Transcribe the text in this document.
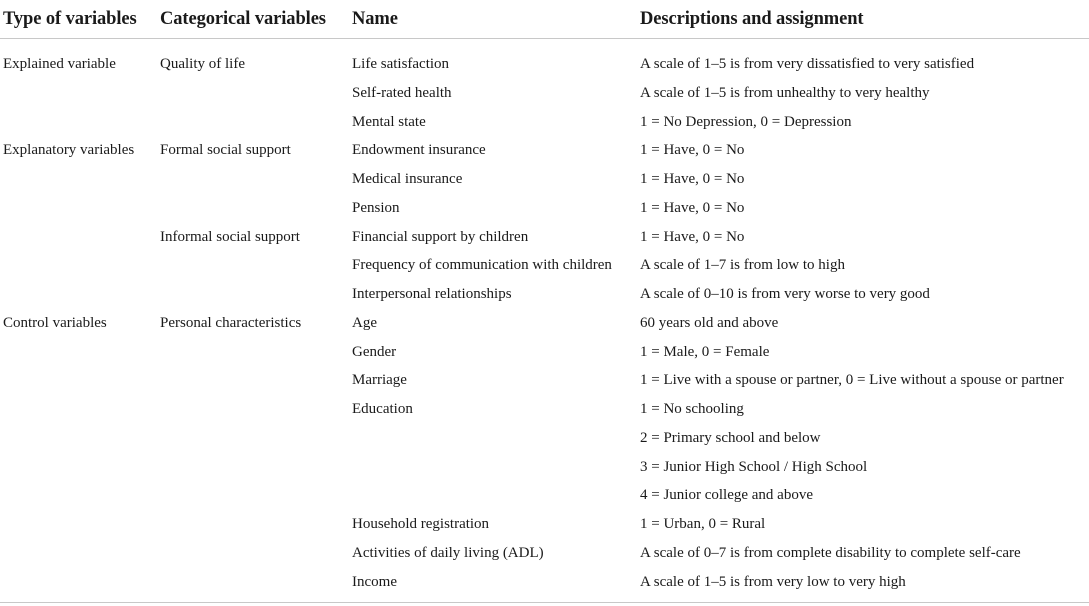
Type of variables	Categorical variables	Name	Descriptions and assignment
Explained variable	Quality of life	Life satisfaction	A scale of 1–5 is from very dissatisfied to very satisfied
		Self-rated health	A scale of 1–5 is from unhealthy to very healthy
		Mental state	1 = No Depression, 0 = Depression
Explanatory variables	Formal social support	Endowment insurance	1 = Have, 0 = No
		Medical insurance	1 = Have, 0 = No
		Pension	1 = Have, 0 = No
	Informal social support	Financial support by children	1 = Have, 0 = No
		Frequency of communication with children	A scale of 1–7 is from low to high
		Interpersonal relationships	A scale of 0–10 is from very worse to very good
Control variables	Personal characteristics	Age	60 years old and above
		Gender	1 = Male, 0 = Female
		Marriage	1 = Live with a spouse or partner, 0 = Live without a spouse or partner
		Education	1 = No schooling
			2 = Primary school and below
			3 = Junior High School / High School
			4 = Junior college and above
		Household registration	1 = Urban, 0 = Rural
		Activities of daily living (ADL)	A scale of 0–7 is from complete disability to complete self-care
		Income	A scale of 1–5 is from very low to very high
